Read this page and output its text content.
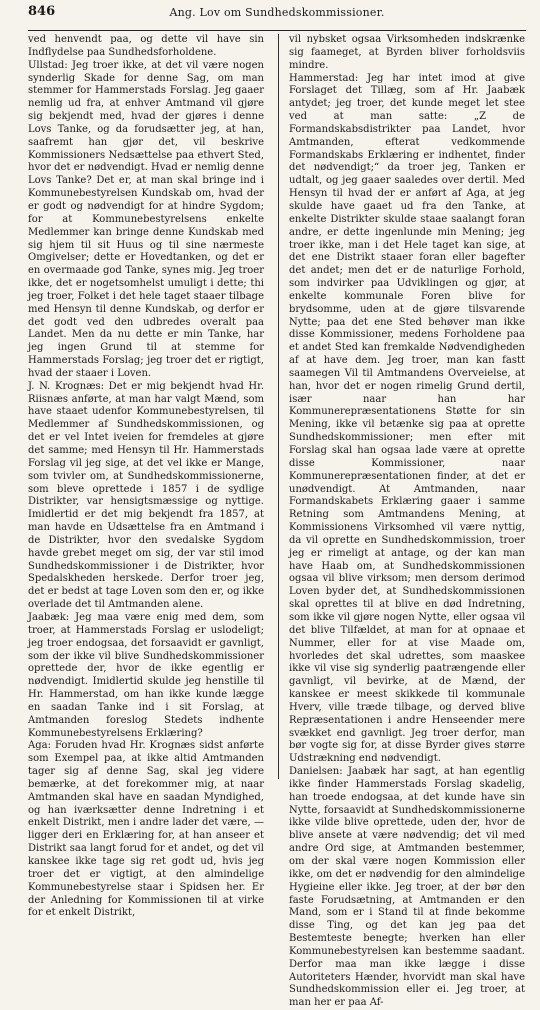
846	Ang. Lov om Sundhedskommissioner.

ved henvendt paa, og dette vil have sin Indflydelse paa Sundhedsforholdene.

Ullstad: Jeg troer ikke, at det vil være nogen synderlig Skade for denne Sag, om man stemmer for Hammerstads Forslag. Jeg gaaer nemlig ud fra, at enhver Amtmand vil gjøre sig bekjendt med, hvad der gjøres i denne Lovs Tanke, og da forudsætter jeg, at han, saafremt han gjør det, vil beskrive Kommissioners Nedsættelse paa ethvert Sted, hvor det er nødvendigt. Hvad er nemlig denne Lovs Tanke? Det er, at man skal bringe ind i Kommunebestyrelsen Kundskab om, hvad der er godt og nødvendigt for at hindre Sygdom; for at Kommunebestyrelsens enkelte Medlemmer kan bringe denne Kundskab med sig hjem til sit Huus og til sine nærmeste Omgivelser; dette er Hovedtanken, og det er en overmaade god Tanke, synes mig. Jeg troer ikke, det er nogetsomhelst umuligt i dette; thi jeg troer, Folket i det hele taget staaer tilbage med Hensyn til denne Kundskab, og derfor er det godt ved den udbredes overalt paa Landet. Men da nu dette er min Tanke, har jeg ingen Grund til at stemme for Hammerstads Forslag; jeg troer det er rigtigt, hvad der staaer i Loven.

J. N. Krognæs: Det er mig bekjendt hvad Hr. Riisnæs anførte, at man har valgt Mænd, som have staaet udenfor Kommunebestyrelsen, til Medlemmer af Sundhedskommissionen, og det er vel Intet iveien for fremdeles at gjøre det samme; med Hensyn til Hr. Hammerstads Forslag vil jeg sige, at det vel ikke er Mange, som tvivler om, at Sundhedskommissionerne, som blevе oprettede i 1857 i de sydlige Distrikter, var hensigtsmæssige og nyttige. Imidlertid er det mig bekjendt fra 1857, at man havde en Udsættelse fra en Amtmand i de Distrikter, hvor den svedalske Sygdom havde grebet meget om sig, der var stil imod Sundhedskommissioner i de Distrikter, hvor Spedalskheden herskede. Derfor troer jeg, det er bedst at tage Loven som den er, og ikke overlade det til Amtmanden alene.

Jaabæk: Jeg maa være enig med dem, som troer, at Hammerstads Forslag er uslodeligt; jeg troer endogsaa, det forsaavidt er gavnligt, som der ikke vil blive Sundhedskommissioner oprettede der, hvor de ikke egentlig er nødvendigt. Imidlertid skulde jeg henstille til Hr. Hammerstad, om han ikke kunde lægge en saadan Tanke ind i sit Forslag, at Amtmanden foreslog Stedets indhente Kommunebestyrelsens Erklæring?

Aga: Foruden hvad Hr. Krognæs sidst anførte som Exempel paa, at ikke altid Amtmanden tager sig af denne Sag, skal jeg videre bemærke, at det forekommer mig, at naar Amtmanden skal have en saadan Myndighed, og han iværksætter denne Indretning i et enkelt Distrikt, men i andre lader det være, — ligger deri en Erklæring for, at han anseer et Distrikt saa langt forud for et andet, og det vil kanskee ikke tage sig ret godt ud, hvis jeg troer det er vigtigt, at den almindelige Kommunebestyrelse staar i Spidsen her. Er der Anledning for Kommissionen til at virke for et enkelt Distrikt,

vil nybsket ogsaa Virksomheden indskrænke sig faameget, at Byrden bliver forholdsviis mindre.

Hammerstad: Jeg har intet imod at give Forslaget det Tillæg, som af Hr. Jaabæk antydet; jeg troer, det kunde meget let stee ved at man satte: „Z de Formandskabsdistrikter paa Landet, hvor Amtmanden, efterat vedkommende Formandskabs Erklæring er indhentet, finder det nødvendigt;“ da troer jeg, Tanken er udtalt, og jeg gaaer saaledes over dertil. Med Hensyn til hvad der er anført af Aga, at jeg skulde have gaaet ud fra den Tanke, at enkelte Distrikter skulde staae saalangt foran andre, er dette ingenlunde min Mening; jeg troer ikke, man i det Hele taget kan sige, at det ene Distrikt staaer foran eller bagefter det andet; men det er de naturlige Forhold, som indvirker paa Udviklingen og gjør, at enkelte kommunale Foren blive for brydsomme, uden at de gjøre tilsvarende Nytte; paa det ene Sted behøver man ikke disse Kommissioner, medens Forholdene paa et andet Sted kan fremkalde Nødvendigheden af at have dem. Jeg troer, man kan fastt saamegen Vil til Amtmandens Overveielse, at han, hvor det er nogen rimelig Grund dertil, især naar han har Kommunerepræsentationens Støtte for sin Mening, ikke vil betænke sig paa at oprette Sundhedskommissioner; men efter mit Forslag skal han ogsaa lade være at oprette disse Kommissioner, naar Kommunerepræsentationen finder, at det er unødvendigt. At Amtmanden, naar Formandskabets Erklæring gaaer i samme Retning som Amtmandens Mening, at Kommissionens Virksomhed vil være nyttig, da vil oprette en Sundhedskommission, troer jeg er rimeligt at antage, og der kan man have Haab om, at Sundhedskommissionen ogsaa vil blive virksom; men dersom derimod Loven byder det, at Sundhedskommissionen skal oprettes til at blive en død Indretning, som ikke vil gjøre nogen Nytte, eller ogsaa vil det blive Tilfældet, at man for at opnaae et Nummer, eller for at vise Maade om, hvorledes det skal udrettes, som maaskee ikke vil vise sig synderlig paatrængende eller gavnligt, vil bevirke, at de Mænd, der kanskee er meest skikkede til kommunale Hverv, ville træde tilbage, og derved blive Repræsentationen i andre Henseender mere svækket end gavnligt. Jeg troer derfor, man bør vogte sig for, at disse Byrder gives større Udstrækning end nødvendigt.

Danielsen: Jaabæk har sagt, at han egentlig ikke finder Hammerstads Forslag skadelig, han troede endogsaa, at det kunde have sin Nytte, forsaavidt at Sundhedskommissionerne ikke vilde blive oprettede, uden der, hvor de blive ansete at være nødvendig; det vil med andre Ord sige, at Amtmanden bestemmer, om der skal være nogen Kommission eller ikke, om det er nødvendig for den almindelige Hygieine eller ikke. Jeg troer, at der bør den faste Forudsætning, at Amtmanden er den Mand, som er i Stand til at finde bekomme disse Ting, og det kan jeg paa det Bestemteste benegte; hverken han eller Kommunebestyrelsen kan bestemme saadant. Derfor maa man ikke lægge i disse Autoriteters Hænder, hvorvidt man skal have Sundhedskommission eller ei. Jeg troer, at man her er paa Af-
